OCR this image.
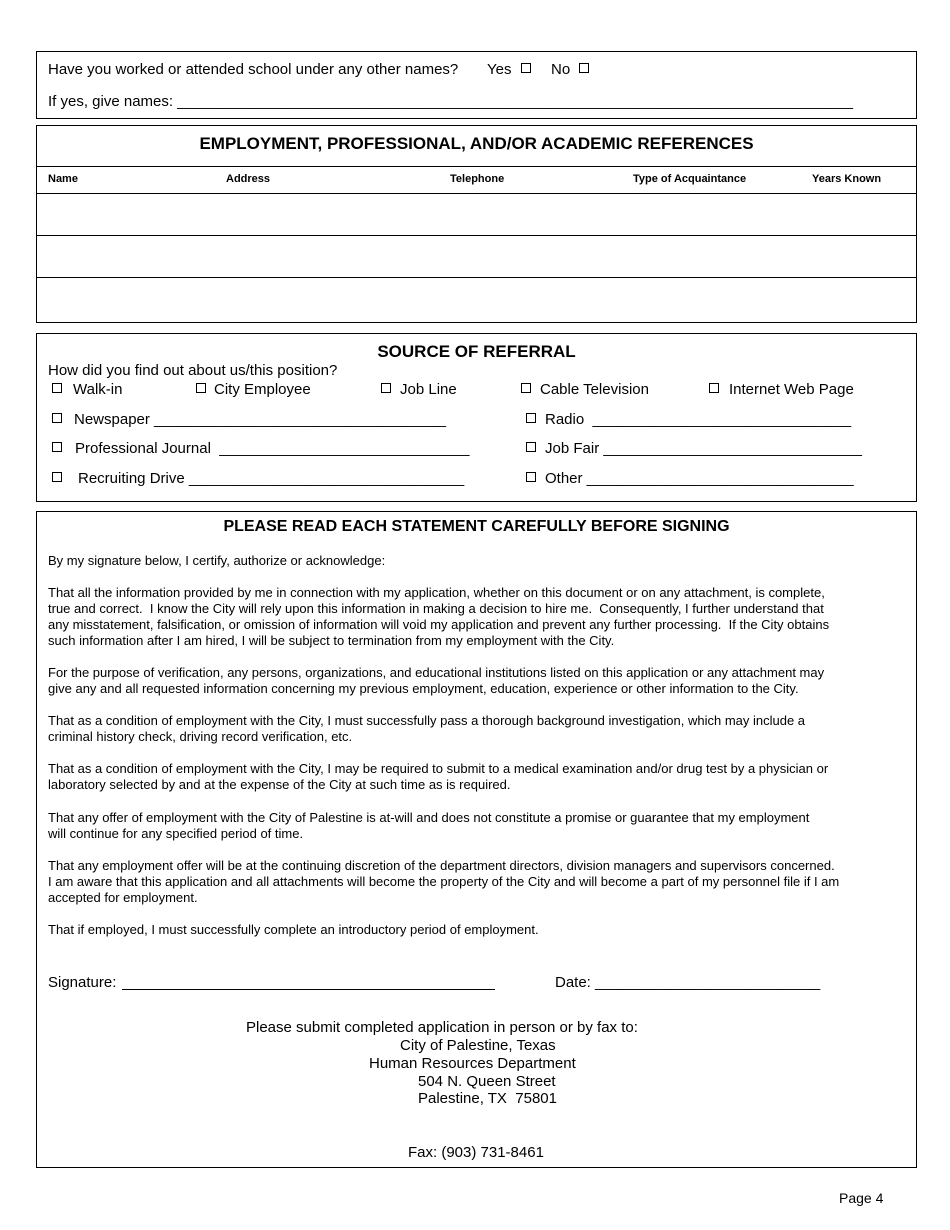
Have you worked or attended school under any other names? Yes	No
If yes, give names: _________________________________________________________________________________
EMPLOYMENT, PROFESSIONAL, AND/OR ACADEMIC REFERENCES
Name	Address	Telephone	Type of Acquaintance	Years Known
SOURCE OF REFERRAL
How did you find out about us/this position?
Walk-in	City Employee	Job Line	Cable Television	Internet Web Page
Newspaper ___________________________________
Professional Journal  ______________________________
Recruiting Drive _________________________________
Radio  _______________________________
Job Fair _______________________________
Other ________________________________
PLEASE READ EACH STATEMENT CAREFULLY BEFORE SIGNING
By my signature below, I certify, authorize or acknowledge:
That all the information provided by me in connection with my application, whether on this document or on any attachment, is complete,
true and correct.  I know the City will rely upon this information in making a decision to hire me.  Consequently, I further understand that
any misstatement, falsification, or omission of information will void my application and prevent any further processing.  If the City obtains
such information after I am hired, I will be subject to termination from my employment with the City.
For the purpose of verification, any persons, organizations, and educational institutions listed on this application or any attachment may
give any and all requested information concerning my previous employment, education, experience or other information to the City.
That as a condition of employment with the City, I must successfully pass a thorough background investigation, which may include a
criminal history check, driving record verification, etc.
That as a condition of employment with the City, I may be required to submit to a medical examination and/or drug test by a physician or
laboratory selected by and at the expense of the City at such time as is required.
That any offer of employment with the City of Palestine is at-will and does not constitute a promise or guarantee that my employment
will continue for any specified period of time.
That any employment offer will be at the continuing discretion of the department directors, division managers and supervisors concerned.
I am aware that this application and all attachments will become the property of the City and will become a part of my personnel file if I am
accepted for employment.
That if employed, I must successfully complete an introductory period of employment.
Signature:	Date: ___________________________
Please submit completed application in person or by fax to:
City of Palestine, Texas
Human Resources Department
504 N. Queen Street
Palestine, TX  75801
Fax: (903) 731-8461
Page 4
